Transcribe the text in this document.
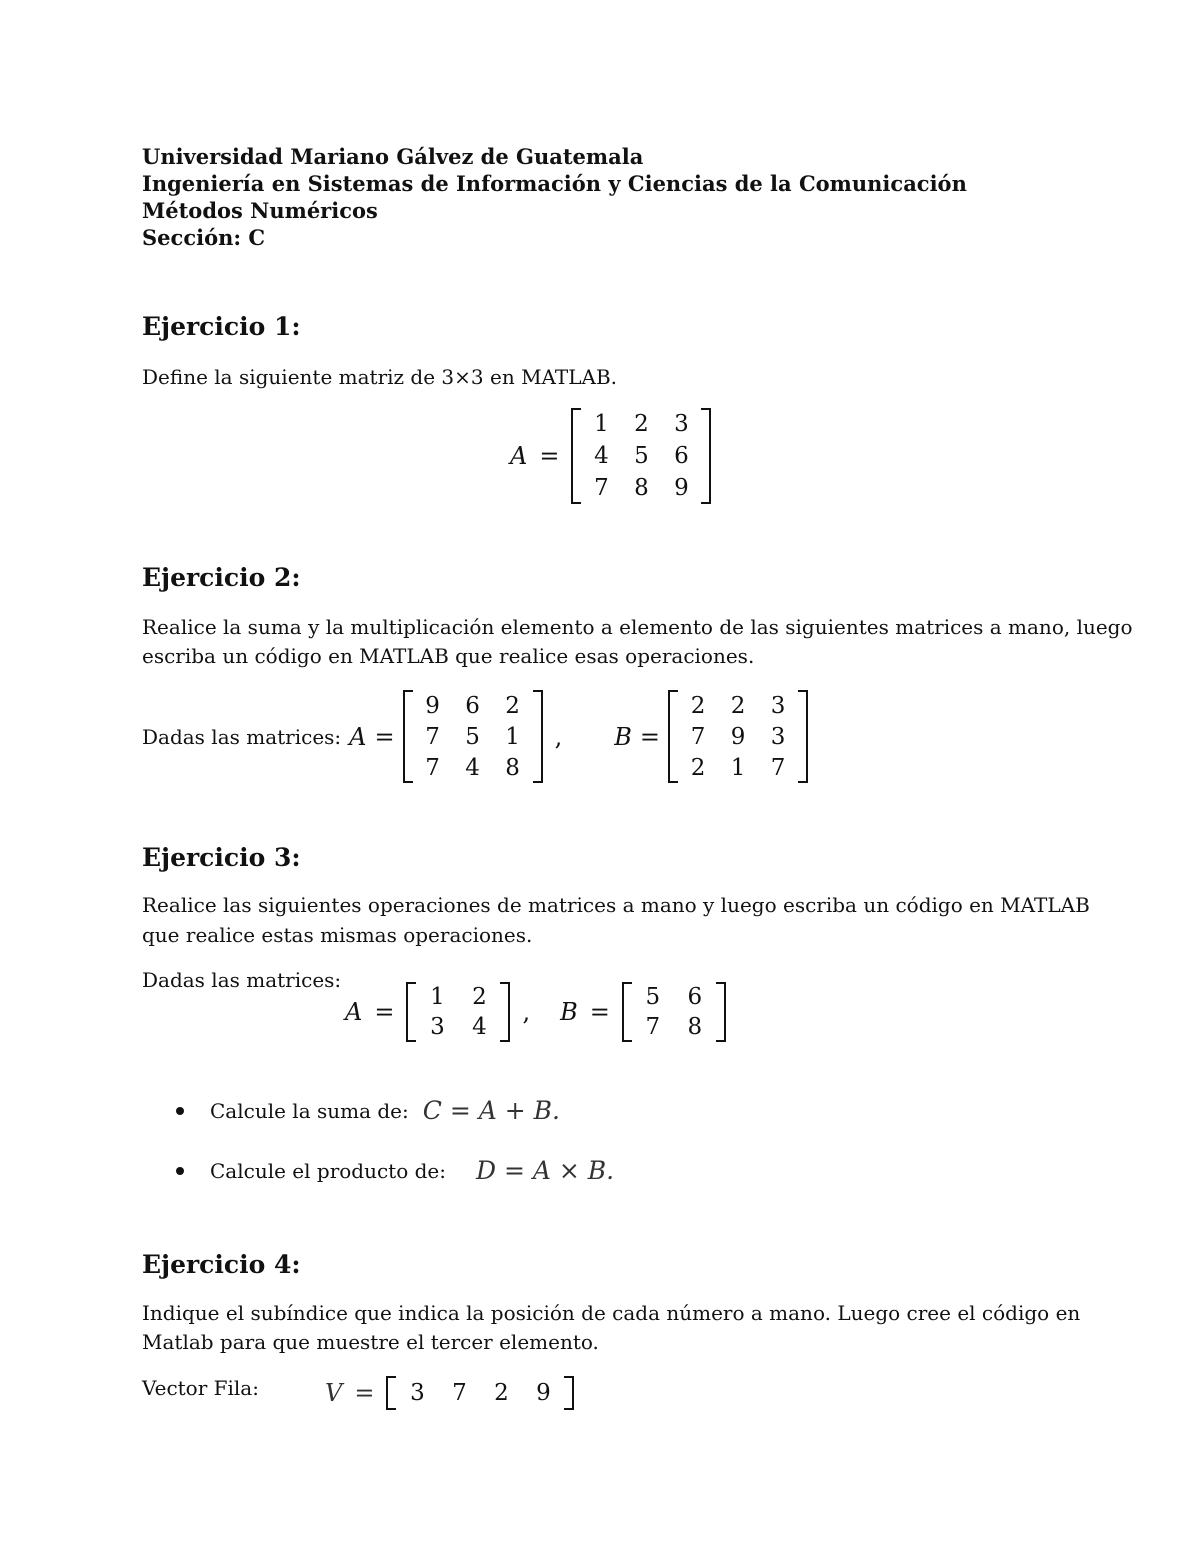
Universidad Mariano Gálvez de Guatemala
Ingeniería en Sistemas de Información y Ciencias de la Comunicación
Métodos Numéricos
Sección: C
Ejercicio 1:
Define la siguiente matriz de 3×3 en MATLAB.
A =
1	2	3
4	5	6
7	8	9
Ejercicio 2:
Realice la suma y la multiplicación elemento a elemento de las siguientes matrices a mano, luego
escriba un código en MATLAB que realice esas operaciones.
Dadas las matrices: A =
9	6	2
7	5	1
7	4	8
, B =
2	2	3
7	9	3
2	1	7
Ejercicio 3:
Realice las siguientes operaciones de matrices a mano y luego escriba un código en MATLAB
que realice estas mismas operaciones.
Dadas las matrices:
A =
1	2
3	4
, B =
5	6
7	8
Calcule la suma de: C = A + B.
Calcule el producto de: D = A × B.
Ejercicio 4:
Indique el subíndice que indica la posición de cada número a mano. Luego cree el código en
Matlab para que muestre el tercer elemento.
Vector Fila:	V =	3	7	2	9
